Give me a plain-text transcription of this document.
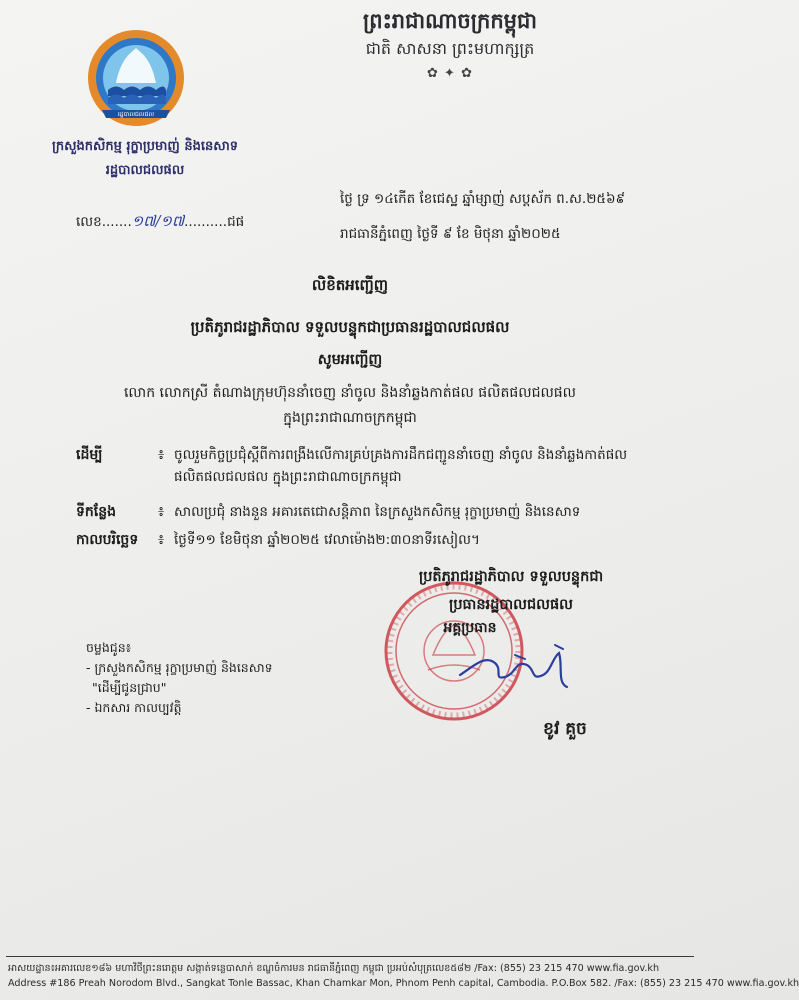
ព្រះរាជាណាចក្រកម្ពុជា
ជាតិ សាសនា ព្រះមហាក្សត្រ
✿ ✦ ✿
រដ្ឋបាលជលផល
ក្រសួងកសិកម្ម រុក្ខាប្រមាញ់ និងនេសាទ
រដ្ឋបាលជលផល
ថ្ងៃ ទ្រ ១៤កើត ខែជេស្ឋ ឆ្នាំម្សាញ់ សប្តស័ក ព.ស.២៥៦៩
រាជធានីភ្នំពេញ ថ្ងៃទី ៩ ខែ មិថុនា ឆ្នាំ២០២៥
លេខ.......១៧/១៧..........ជផ
លិខិតអញ្ជើញ
ប្រតិភូរាជរដ្ឋាភិបាល ទទួលបន្ទុកជាប្រធានរដ្ឋបាលជលផល
សូមអញ្ជើញ
លោក លោកស្រី តំណាងក្រុមហ៊ុននាំចេញ នាំចូល និងនាំឆ្លងកាត់ផល ផលិតផលជលផល
ក្នុងព្រះរាជាណាចក្រកម្ពុជា
ដើម្បី	៖ ចូលរួមកិច្ចប្រជុំស្តីពីការពង្រឹងលើការគ្រប់គ្រងការដឹកជញ្ជូននាំចេញ នាំចូល និងនាំឆ្លងកាត់ផល ផលិតផលជលផល ក្នុងព្រះរាជាណាចក្រកម្ពុជា
ទីកន្លែង	៖ សាលប្រជុំ នាងនួន អគារតេជោសន្តិភាព នៃក្រសួងកសិកម្ម រុក្ខាប្រមាញ់ និងនេសាទ
កាលបរិច្ឆេទ ៖ ថ្ងៃទី១១ ខែមិថុនា ឆ្នាំ២០២៥ វេលាម៉ោង២:៣០នាទីរសៀល។
ប្រតិភូរាជរដ្ឋាភិបាល ទទួលបន្ទុកជា
ប្រធានរដ្ឋបាលជលផល
អគ្គប្រធាន
ខូវ គួច
ចម្លងជូន៖
- ក្រសួងកសិកម្ម រុក្ខាប្រមាញ់ និងនេសាទ
"ដើម្បីជូនជ្រាប"
- ឯកសារ កាលប្បវត្តិ
អាសយដ្ឋាន៖អគារលេខ១៨៦ មហាវិថីព្រះនរោត្តម សង្កាត់ទន្លេបាសាក់ ខណ្ឌចំការមន រាជធានីភ្នំពេញ កម្ពុជា ប្រអប់សំបុត្រលេខ៥៨២ /Fax: (855) 23 215 470 www.fia.gov.kh
Address #186 Preah Norodom Blvd., Sangkat Tonle Bassac, Khan Chamkar Mon, Phnom Penh capital, Cambodia. P.O.Box 582. /Fax: (855) 23 215 470 www.fia.gov.kh
